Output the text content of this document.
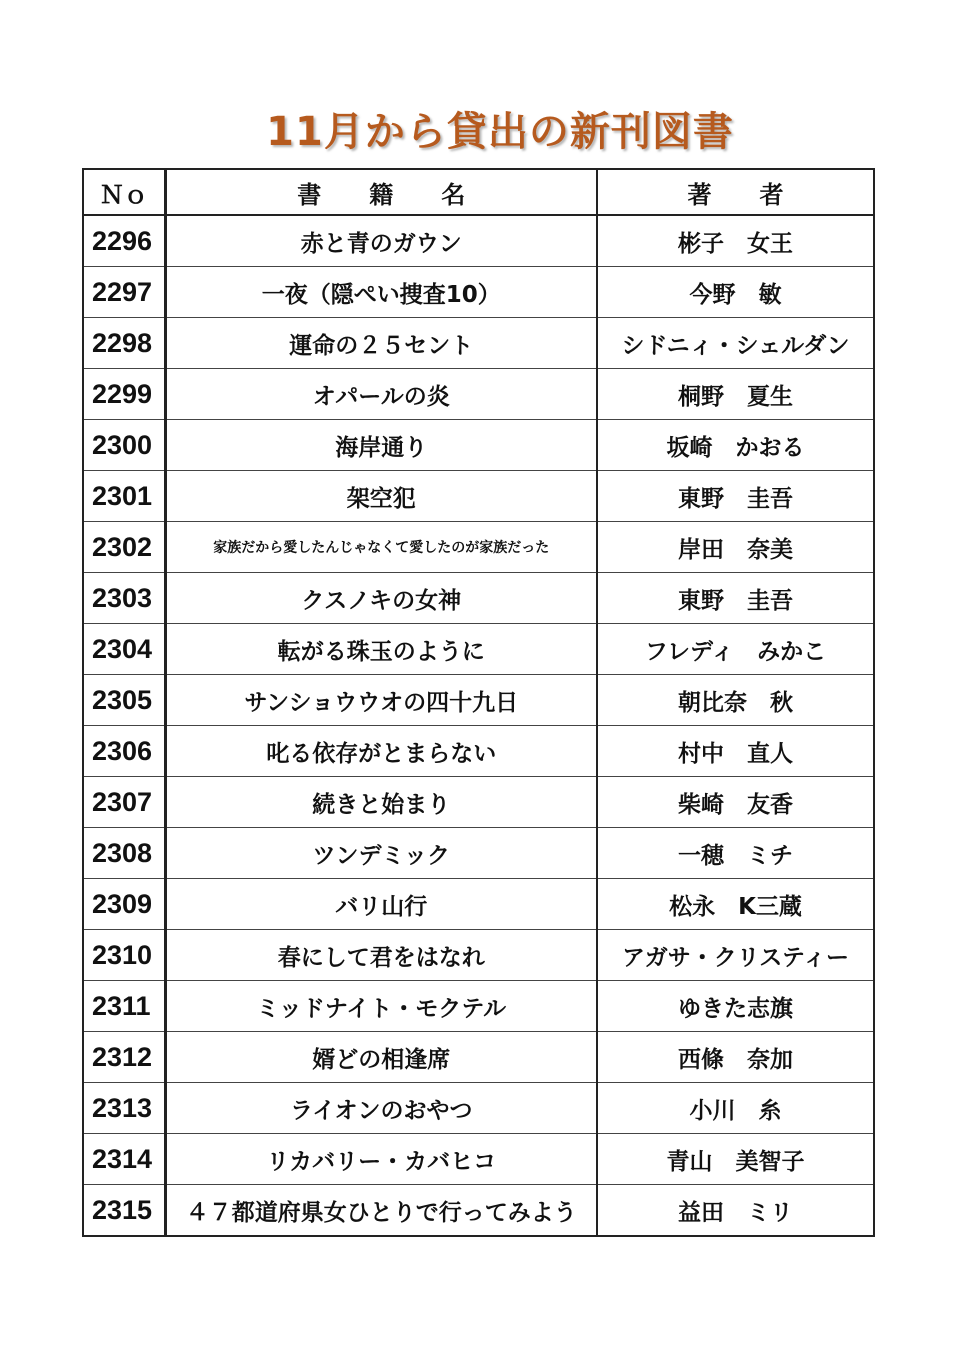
11月から貸出の新刊図書
Ｎｏ	書　　籍　　名	著　　者
2296	赤と青のガウン	彬子　女王
2297	一夜（隠ぺい捜査10）	今野　敏
2298	運命の２５セント	シドニィ・シェルダン
2299	オパールの炎	桐野　夏生
2300	海岸通り	坂崎　かおる
2301	架空犯	東野　圭吾
2302	家族だから愛したんじゃなくて愛したのが家族だった	岸田　奈美
2303	クスノキの女神	東野　圭吾
2304	転がる珠玉のように	フレディ　みかこ
2305	サンショウウオの四十九日	朝比奈　秋
2306	叱る依存がとまらない	村中　直人
2307	続きと始まり	柴崎　友香
2308	ツンデミック	一穂　ミチ
2309	バリ山行	松永　K三蔵
2310	春にして君をはなれ	アガサ・クリスティー
2311	ミッドナイト・モクテル	ゆきた志旗
2312	婿どの相逢席	西條　奈加
2313	ライオンのおやつ	小川　糸
2314	リカバリー・カバヒコ	青山　美智子
2315	４７都道府県女ひとりで行ってみよう	益田　ミリ
